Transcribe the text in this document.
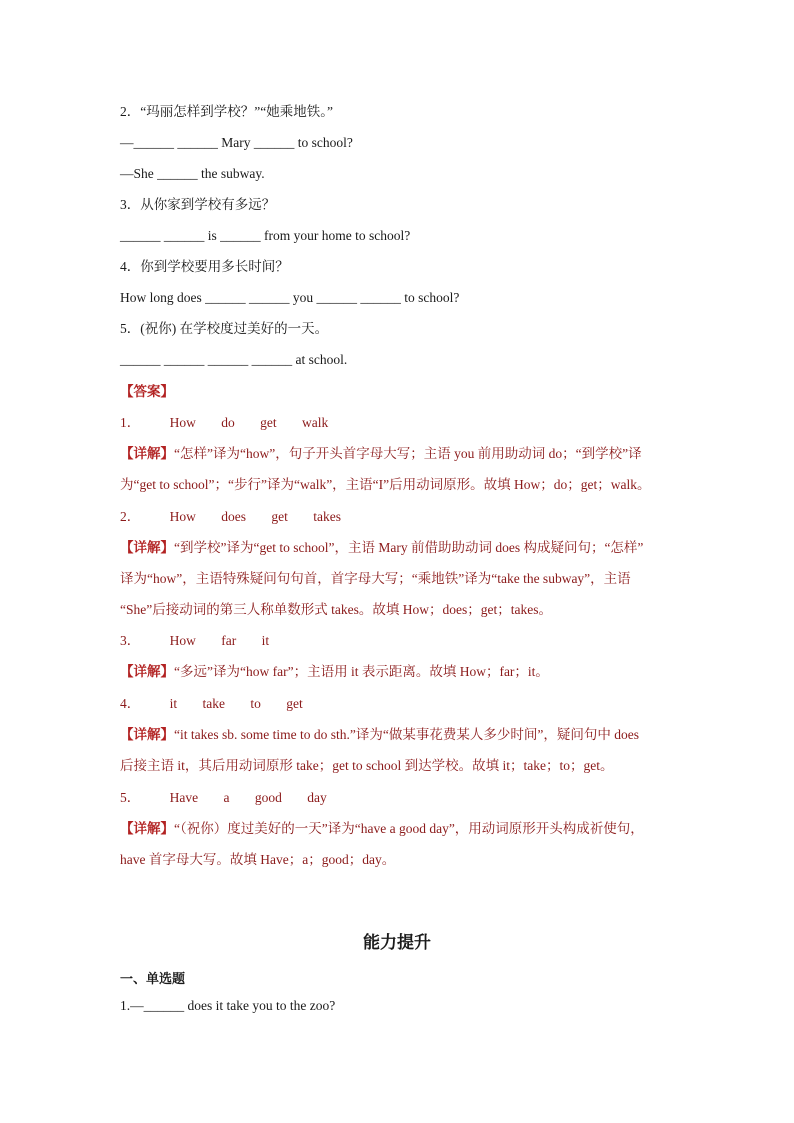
2．“玛丽怎样到学校？”“她乘地铁。”
—______ ______ Mary ______ to school?
—She ______ the subway.
3．从你家到学校有多远？
______ ______ is ______ from your home to school?
4．你到学校要用多长时间？
How long does ______ ______ you ______ ______ to school?
5．(祝你) 在学校度过美好的一天。
______ ______ ______ ______ at school.
【答案】
1． How do get walk
【详解】“怎样”译为“how”，句子开头首字母大写；主语 you 前用助动词 do；“到学校”译
为“get to school”；“步行”译为“walk”，主语“I”后用动词原形。故填 How；do；get；walk。
2． How does get takes
【详解】“到学校”译为“get to school”，主语 Mary 前借助助动词 does 构成疑问句；“怎样”
译为“how”，主语特殊疑问句句首，首字母大写；“乘地铁”译为“take the subway”，主语
“She”后接动词的第三人称单数形式 takes。故填 How；does；get；takes。
3． How far it
【详解】“多远”译为“how far”；主语用 it 表示距离。故填 How；far；it。
4． it take to get
【详解】“it takes sb. some time to do sth.”译为“做某事花费某人多少时间”，疑问句中 does
后接主语 it，其后用动词原形 take；get to school 到达学校。故填 it；take；to；get。
5． Have a good day
【详解】“（祝你）度过美好的一天”译为“have a good day”，用动词原形开头构成祈使句，
have 首字母大写。故填 Have；a；good；day。
能力提升
一、单选题
1.—______ does it take you to the zoo?
